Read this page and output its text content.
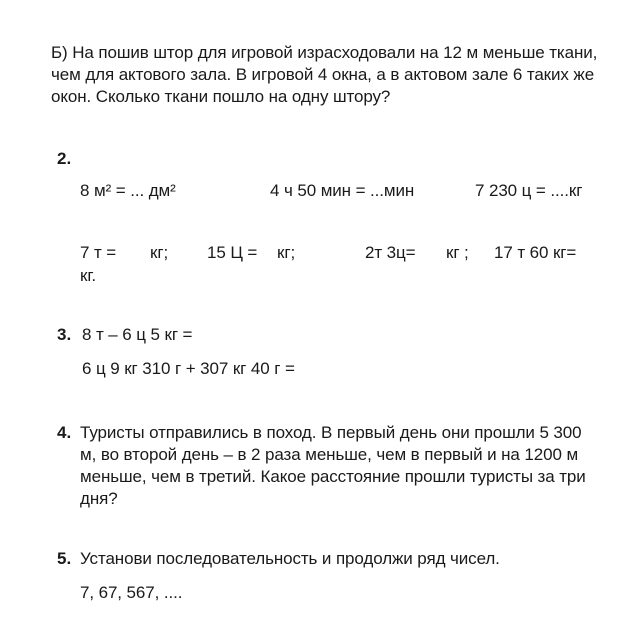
Б) На пошив штор для игровой израсходовали на 12 м меньше ткани,
чем для актового зала. В игровой 4 окна, а в актовом зале 6 таких же
окон. Сколько ткани пошло на одну штору?
2.
8 м² = ... дм²	4 ч 50 мин = ...мин	7 230 ц = ....кг
7 т = кг; 15 Ц = кг;	2т 3ц= кг ; 17 т 60 кг=
кг.
3. 8 т – 6 ц 5 кг =
6 ц 9 кг 310 г + 307 кг 40 г =
4. Туристы отправились в поход. В первый день они прошли 5 300
м, во второй день – в 2 раза меньше, чем в первый и на 1200 м
меньше, чем в третий. Какое расстояние прошли туристы за три
дня?
5. Установи последовательность и продолжи ряд чисел.
7, 67, 567, ....
